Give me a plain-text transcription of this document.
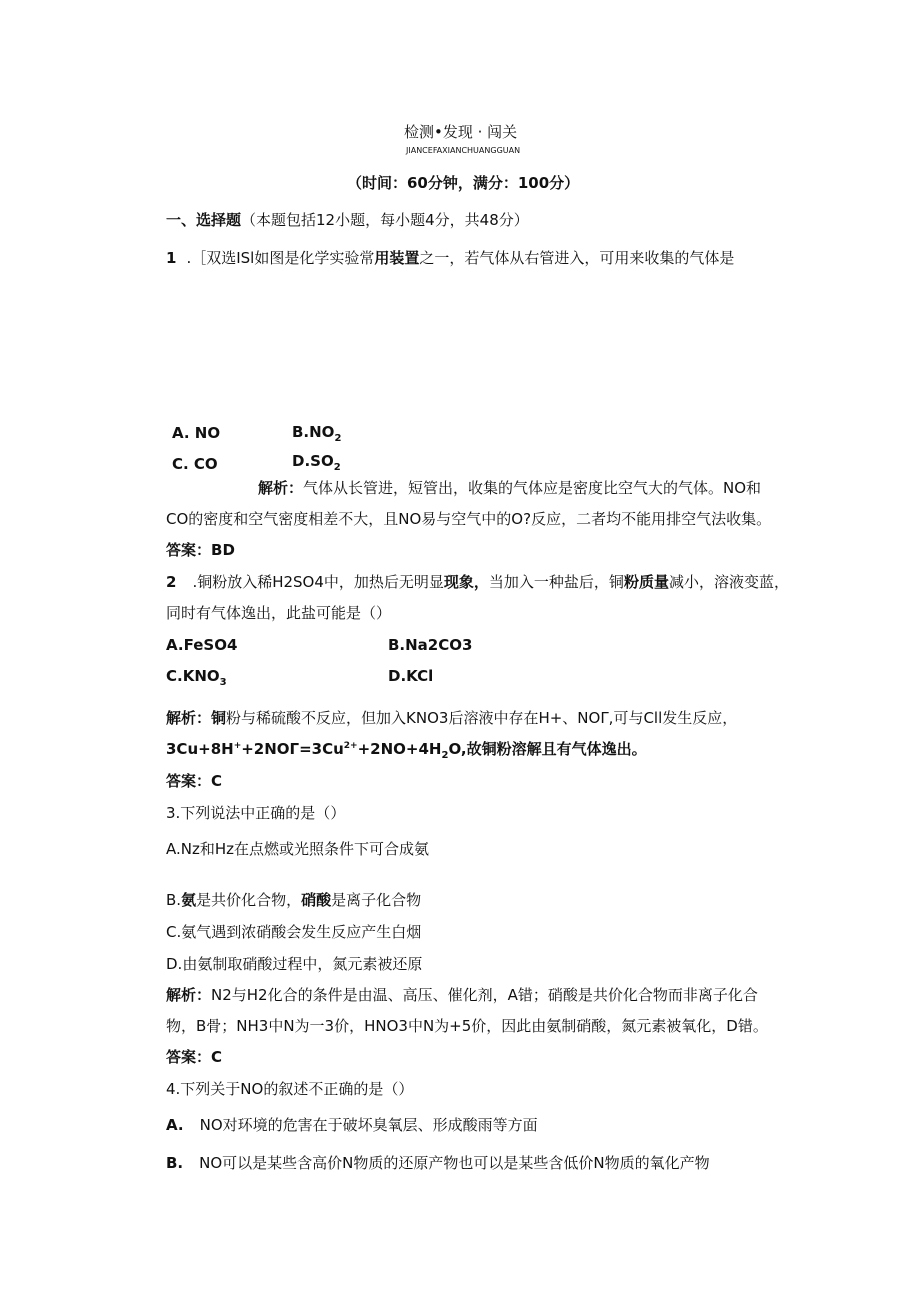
检测•发现 · 闯关
JIANCEFAXIANCHUANGGUAN
（时间：60分钟，满分：100分）
一、选择题（本题包括12小题，每小题4分，共48分）
1 .［双选ISl如图是化学实验常用装置之一，若气体从右管进入，可用来收集的气体是
A. NO	$B.NO_2$
C. CO	$D.SO_2$
解析：气体从长管进，短管出，收集的气体应是密度比空气大的气体。NO和
CO的密度和空气密度相差不大，且NO易与空气中的O?反应，二者均不能用排空气法收集。
答案：BD
2 .铜粉放入稀H2SO4中，加热后无明显现象，当加入一种盐后，铜粉质量减小，溶液变蓝，
同时有气体逸出，此盐可能是（）
A.FeSO4	B.Na2CO3
$C.KNO_3$	D.KCl
解析：铜粉与稀硫酸不反应，但加入KNO3后溶液中存在H+、NOΓ,可与Cll发生反应，
$3Cu+8H^++2NO\Gamma=3Cu^{2+}+2NO+4H_2O$,故铜粉溶解且有气体逸出。
答案：C
3.下列说法中正确的是（）
A.Nz和Hz在点燃或光照条件下可合成氨
B.氨是共价化合物，硝酸是离子化合物
C.氨气遇到浓硝酸会发生反应产生白烟
D.由氨制取硝酸过程中，氮元素被还原
解析：N2与H2化合的条件是由温、高压、催化剂，A错；硝酸是共价化合物而非离子化合
物，B骨；NH3中N为一3价，HNO3中N为+5价，因此由氨制硝酸，氮元素被氧化，D错。
答案：C
4.下列关于NO的叙述不正确的是（）
A. NO对环境的危害在于破坏臭氧层、形成酸雨等方面
B. NO可以是某些含高价N物质的还原产物也可以是某些含低价N物质的氧化产物
